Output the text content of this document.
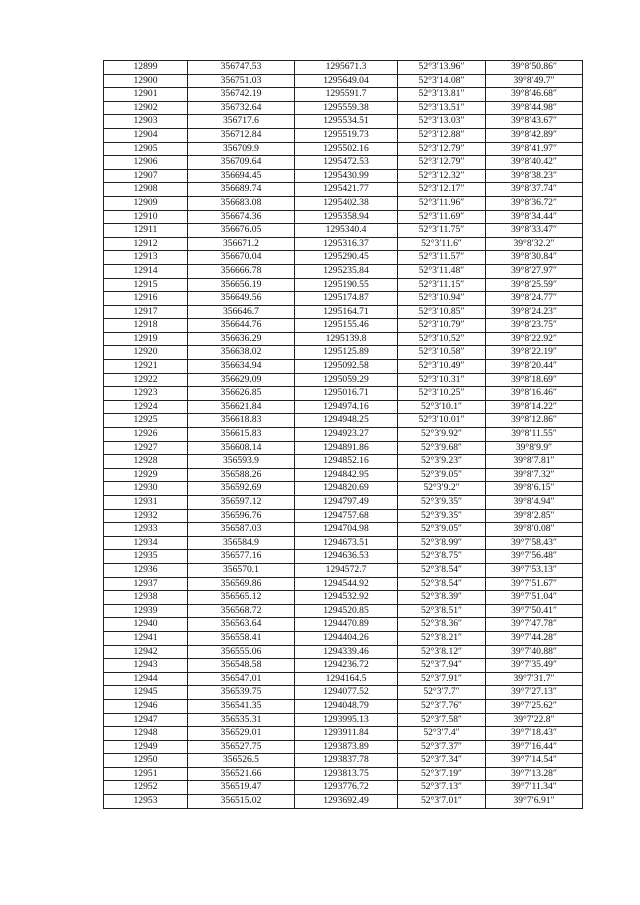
12899	356747.53	1295671.3	52°3′13.96″	39°8′50.86″
12900	356751.03	1295649.04	52°3′14.08″	39°8′49.7″
12901	356742.19	1295591.7	52°3′13.81″	39°8′46.68″
12902	356732.64	1295559.38	52°3′13.51″	39°8′44.98″
12903	356717.6	1295534.51	52°3′13.03″	39°8′43.67″
12904	356712.84	1295519.73	52°3′12.88″	39°8′42.89″
12905	356709.9	1295502.16	52°3′12.79″	39°8′41.97″
12906	356709.64	1295472.53	52°3′12.79″	39°8′40.42″
12907	356694.45	1295430.99	52°3′12.32″	39°8′38.23″
12908	356689.74	1295421.77	52°3′12.17″	39°8′37.74″
12909	356683.08	1295402.38	52°3′11.96″	39°8′36.72″
12910	356674.36	1295358.94	52°3′11.69″	39°8′34.44″
12911	356676.05	1295340.4	52°3′11.75″	39°8′33.47″
12912	356671.2	1295316.37	52°3′11.6″	39°8′32.2″
12913	356670.04	1295290.45	52°3′11.57″	39°8′30.84″
12914	356666.78	1295235.84	52°3′11.48″	39°8′27.97″
12915	356656.19	1295190.55	52°3′11.15″	39°8′25.59″
12916	356649.56	1295174.87	52°3′10.94″	39°8′24.77″
12917	356646.7	1295164.71	52°3′10.85″	39°8′24.23″
12918	356644.76	1295155.46	52°3′10.79″	39°8′23.75″
12919	356636.29	1295139.8	52°3′10.52″	39°8′22.92″
12920	356638.02	1295125.89	52°3′10.58″	39°8′22.19″
12921	356634.94	1295092.58	52°3′10.49″	39°8′20.44″
12922	356629.09	1295059.29	52°3′10.31″	39°8′18.69″
12923	356626.85	1295016.71	52°3′10.25″	39°8′16.46″
12924	356621.84	1294974.16	52°3′10.1″	39°8′14.22″
12925	356618.83	1294948.25	52°3′10.01″	39°8′12.86″
12926	356615.83	1294923.27	52°3′9.92″	39°8′11.55″
12927	356608.14	1294891.86	52°3′9.68″	39°8′9.9″
12928	356593.9	1294852.16	52°3′9.23″	39°8′7.81″
12929	356588.26	1294842.95	52°3′9.05″	39°8′7.32″
12930	356592.69	1294820.69	52°3′9.2″	39°8′6.15″
12931	356597.12	1294797.49	52°3′9.35″	39°8′4.94″
12932	356596.76	1294757.68	52°3′9.35″	39°8′2.85″
12933	356587.03	1294704.98	52°3′9.05″	39°8′0.08″
12934	356584.9	1294673.51	52°3′8.99″	39°7′58.43″
12935	356577.16	1294636.53	52°3′8.75″	39°7′56.48″
12936	356570.1	1294572.7	52°3′8.54″	39°7′53.13″
12937	356569.86	1294544.92	52°3′8.54″	39°7′51.67″
12938	356565.12	1294532.92	52°3′8.39″	39°7′51.04″
12939	356568.72	1294520.85	52°3′8.51″	39°7′50.41″
12940	356563.64	1294470.89	52°3′8.36″	39°7′47.78″
12941	356558.41	1294404.26	52°3′8.21″	39°7′44.28″
12942	356555.06	1294339.46	52°3′8.12″	39°7′40.88″
12943	356548.58	1294236.72	52°3′7.94″	39°7′35.49″
12944	356547.01	1294164.5	52°3′7.91″	39°7′31.7″
12945	356539.75	1294077.52	52°3′7.7″	39°7′27.13″
12946	356541.35	1294048.79	52°3′7.76″	39°7′25.62″
12947	356535.31	1293995.13	52°3′7.58″	39°7′22.8″
12948	356529.01	1293911.84	52°3′7.4″	39°7′18.43″
12949	356527.75	1293873.89	52°3′7.37″	39°7′16.44″
12950	356526.5	1293837.78	52°3′7.34″	39°7′14.54″
12951	356521.66	1293813.75	52°3′7.19″	39°7′13.28″
12952	356519.47	1293776.72	52°3′7.13″	39°7′11.34″
12953	356515.02	1293692.49	52°3′7.01″	39°7′6.91″
